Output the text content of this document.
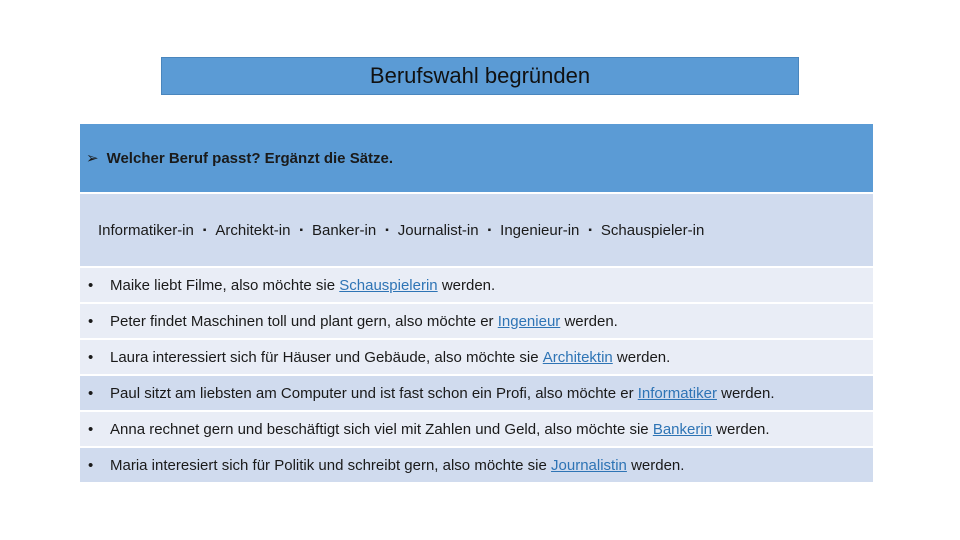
Berufswahl begründen
➢ Welcher Beruf passt? Ergänzt die Sätze.
Informatiker-in ▪ Architekt-in ▪ Banker-in ▪ Journalist-in ▪ Ingenieur-in ▪ Schauspieler-in
•	Maike liebt Filme, also möchte sie Schauspielerin werden.
•	Peter findet Maschinen toll und plant gern, also möchte er Ingenieur werden.
•	Laura interessiert sich für Häuser und Gebäude, also möchte sie Architektin werden.
•	Paul sitzt am liebsten am Computer und ist fast schon ein Profi, also möchte er Informatiker werden.
•	Anna rechnet gern und beschäftigt sich viel mit Zahlen und Geld, also möchte sie Bankerin werden.
•	Maria interesiert sich für Politik und schreibt gern, also möchte sie Journalistin werden.
